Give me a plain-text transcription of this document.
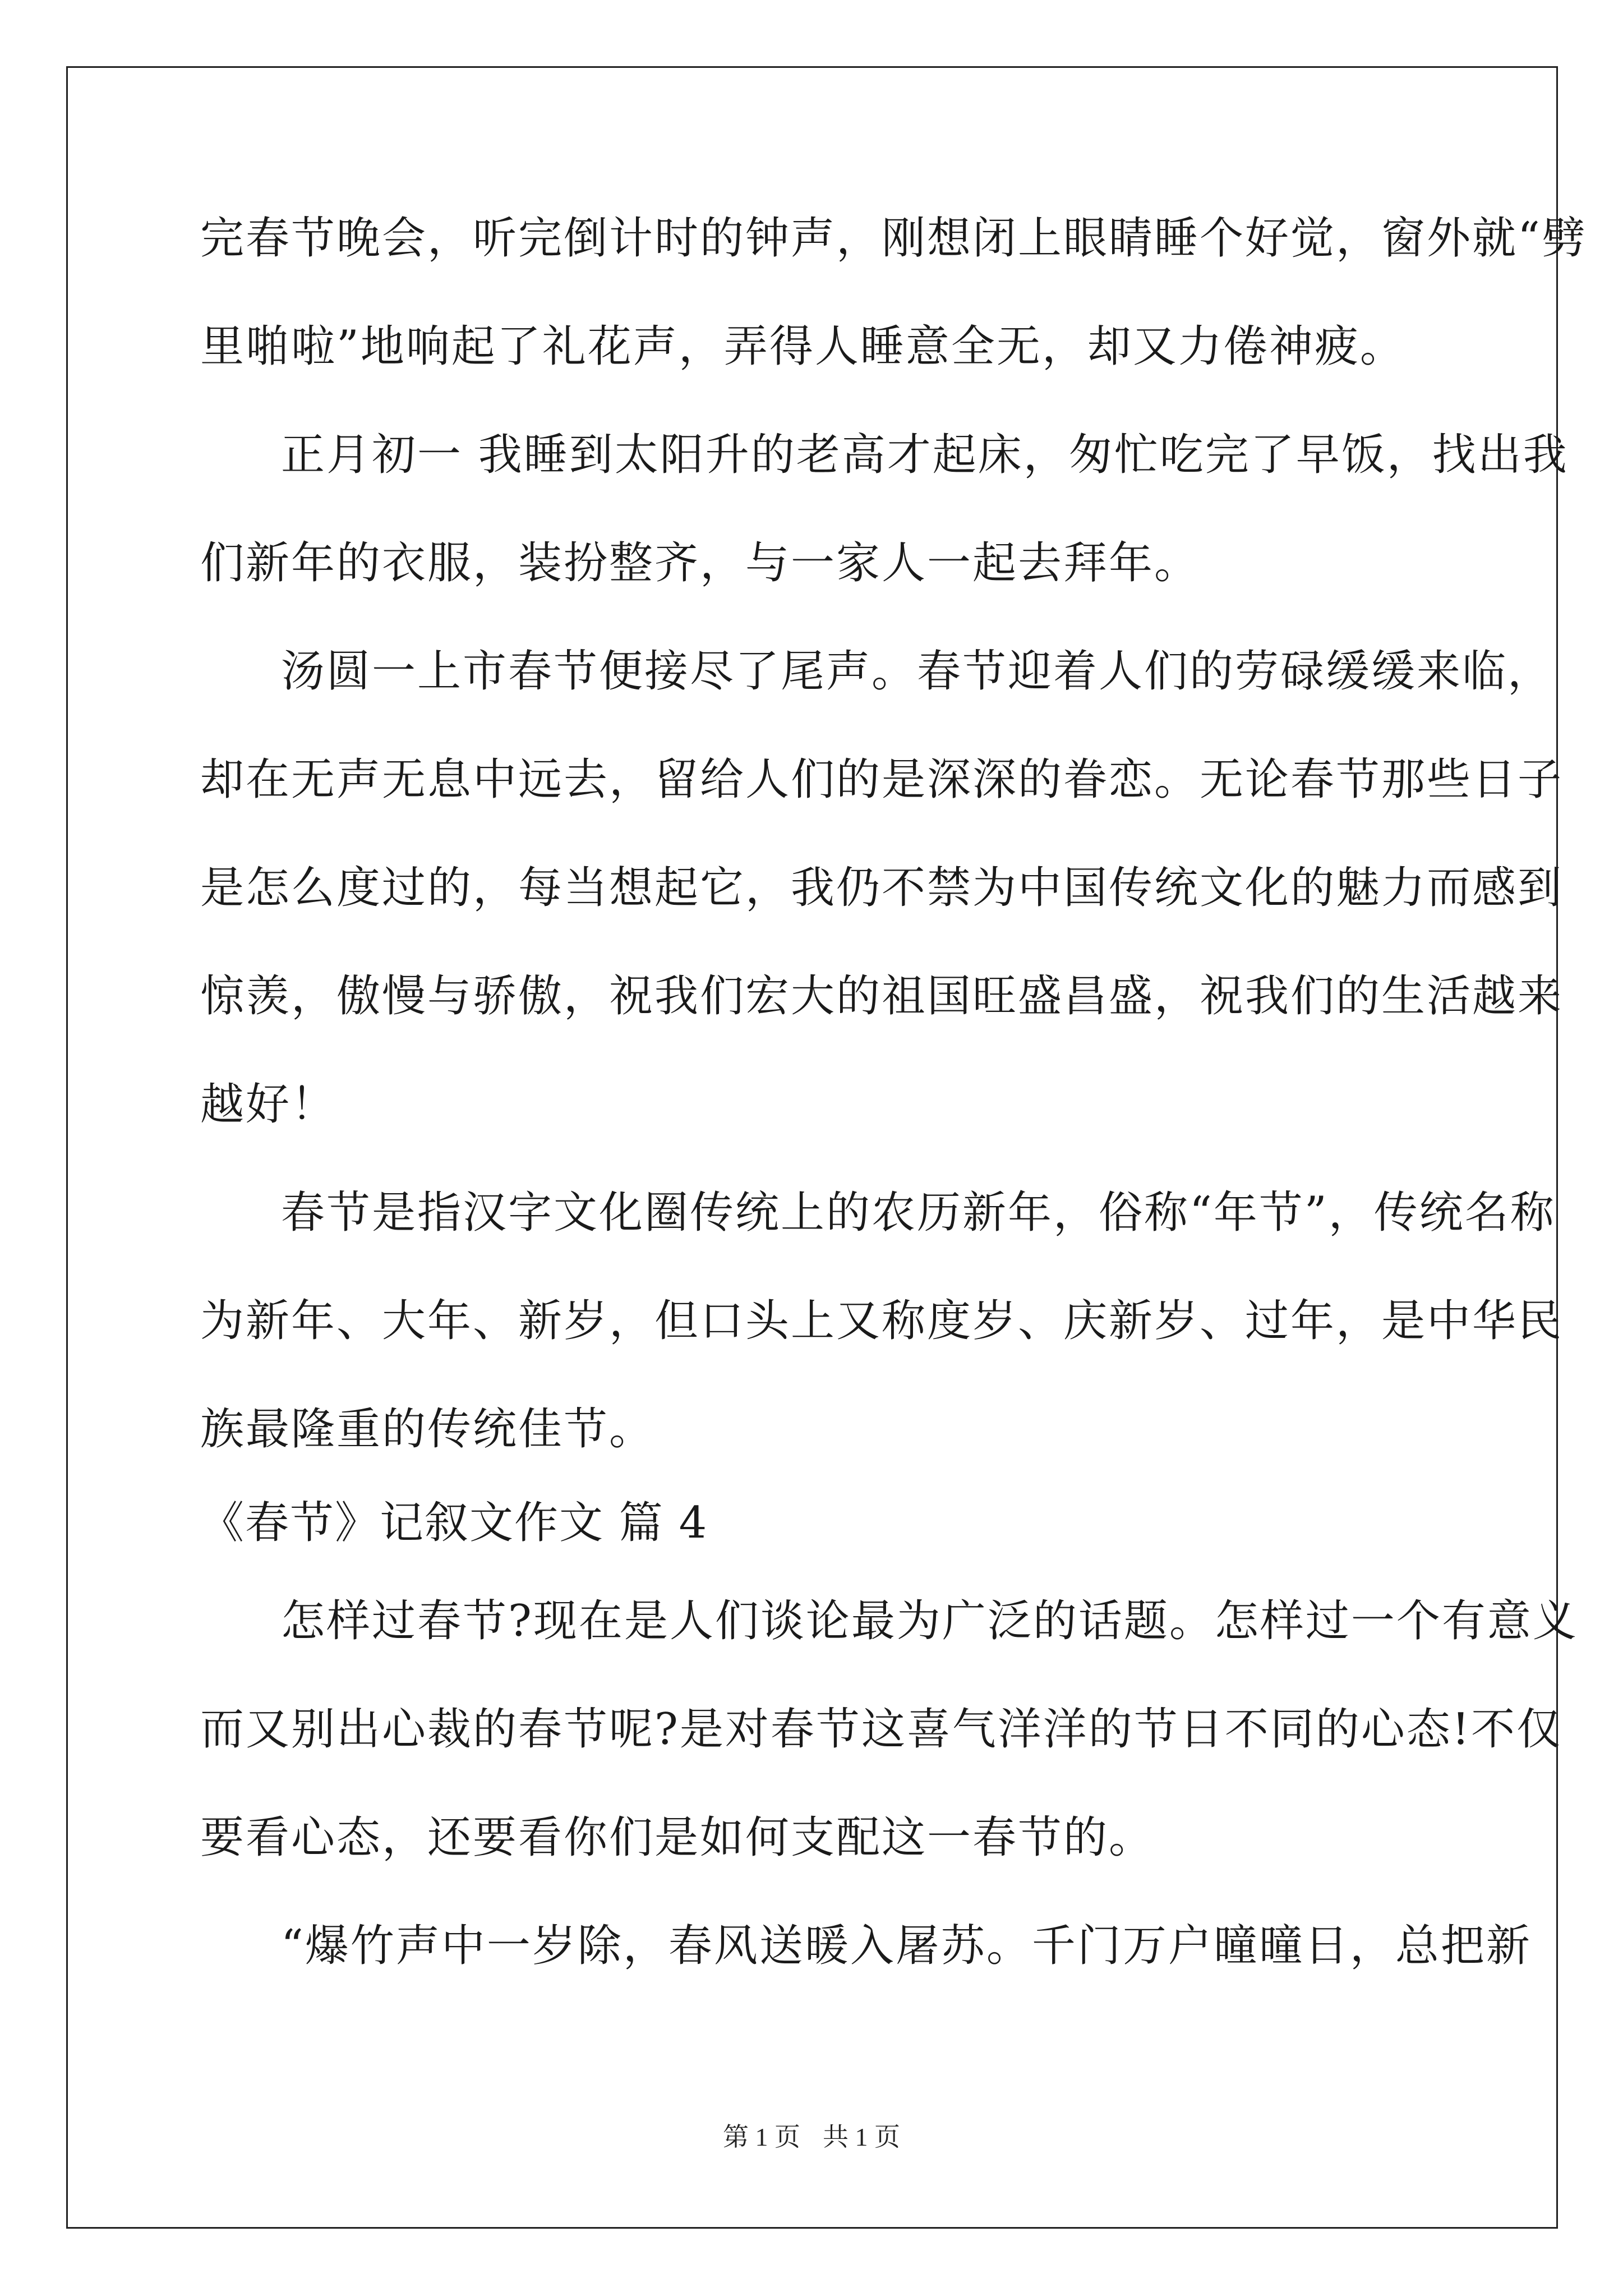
完春节晚会，听完倒计时的钟声，刚想闭上眼睛睡个好觉，窗外就“劈
里啪啦”地响起了礼花声，弄得人睡意全无，却又力倦神疲。
正月初一 我睡到太阳升的老高才起床，匆忙吃完了早饭，找出我
们新年的衣服，装扮整齐，与一家人一起去拜年。
汤圆一上市春节便接尽了尾声。春节迎着人们的劳碌缓缓来临，
却在无声无息中远去，留给人们的是深深的眷恋。无论春节那些日子
是怎么度过的，每当想起它，我仍不禁为中国传统文化的魅力而感到
惊羡，傲慢与骄傲，祝我们宏大的祖国旺盛昌盛，祝我们的生活越来
越好！
春节是指汉字文化圈传统上的农历新年，俗称“年节”，传统名称
为新年、大年、新岁，但口头上又称度岁、庆新岁、过年，是中华民
族最隆重的传统佳节。
《春节》记叙文作文 篇 4
怎样过春节?现在是人们谈论最为广泛的话题。怎样过一个有意义
而又别出心裁的春节呢?是对春节这喜气洋洋的节日不同的心态!不仅
要看心态，还要看你们是如何支配这一春节的。
“爆竹声中一岁除，春风送暖入屠苏。千门万户曈曈日，总把新
第 1 页 共 1 页
